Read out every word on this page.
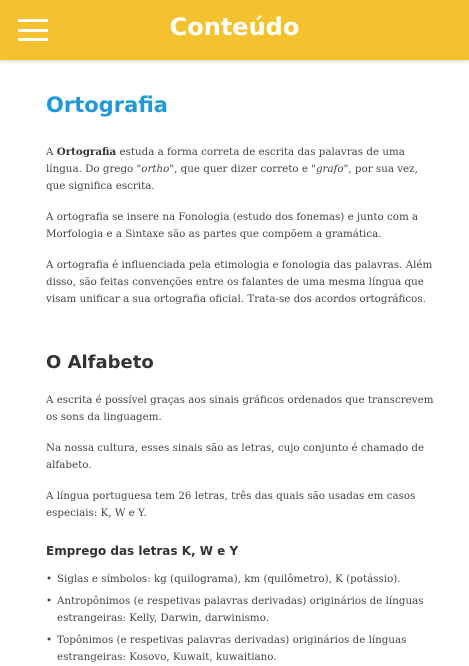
Conteúdo
Ortografia

A Ortografia estuda a forma correta de escrita das palavras de uma língua. Do grego "ortho", que quer dizer correto e "grafo", por sua vez, que significa escrita.

A ortografia se insere na Fonologia (estudo dos fonemas) e junto com a Morfologia e a Sintaxe são as partes que compõem a gramática.

A ortografia é influenciada pela etimologia e fonologia das palavras. Além disso, são feitas convenções entre os falantes de uma mesma língua que visam unificar a sua ortografia oficial. Trata-se dos acordos ortográficos.

O Alfabeto

A escrita é possível graças aos sinais gráficos ordenados que transcrevem os sons da linguagem.

Na nossa cultura, esses sinais são as letras, cujo conjunto é chamado de alfabeto.

A língua portuguesa tem 26 letras, três das quais são usadas em casos especiais: K, W e Y.

Emprego das letras K, W e Y
• Siglas e símbolos: kg (quilograma), km (quilômetro), K (potássio).
• Antropônimos (e respetivas palavras derivadas) originários de línguas estrangeiras: Kelly, Darwin, darwinismo.
• Topônimos (e respetivas palavras derivadas) originários de línguas estrangeiras: Kosovo, Kuwait, kuwaitiano.
